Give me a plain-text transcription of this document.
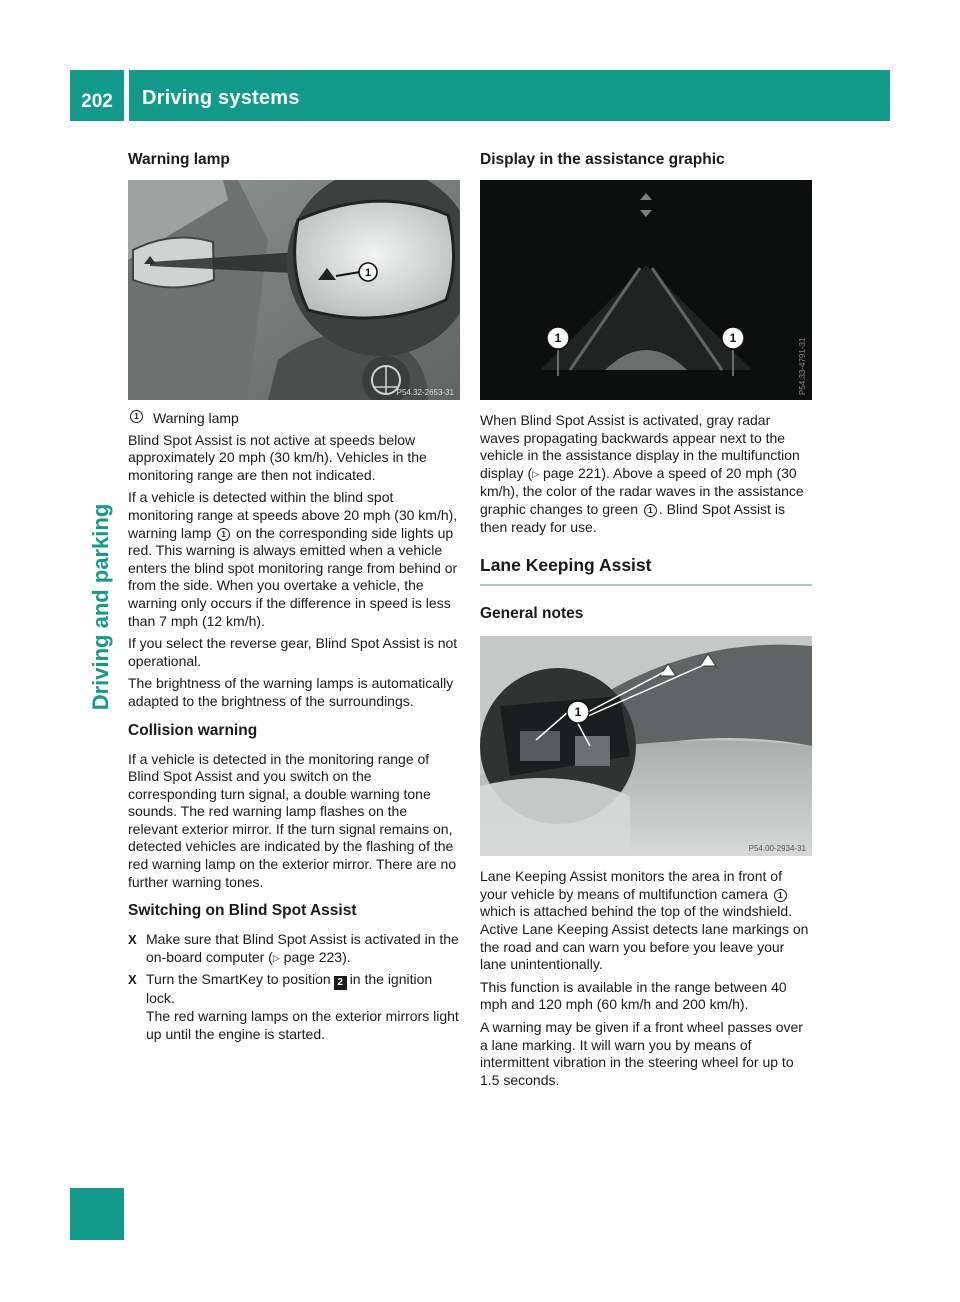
202	Driving systems
Driving and parking
Warning lamp
1
P54.32-2653-31
1 Warning lamp

Blind Spot Assist is not active at speeds below approximately 20 mph (30 km/h). Vehicles in the monitoring range are then not indicated.

If a vehicle is detected within the blind spot monitoring range at speeds above 20 mph (30 km/h), warning lamp 1 on the corresponding side lights up red. This warning is always emitted when a vehicle enters the blind spot monitoring range from behind or from the side. When you overtake a vehicle, the warning only occurs if the difference in speed is less than 7 mph (12 km/h).

If you select the reverse gear, Blind Spot Assist is not operational.

The brightness of the warning lamps is automatically adapted to the brightness of the surroundings.

Collision warning

If a vehicle is detected in the monitoring range of Blind Spot Assist and you switch on the corresponding turn signal, a double warning tone sounds. The red warning lamp flashes on the relevant exterior mirror. If the turn signal remains on, detected vehicles are indicated by the flashing of the red warning lamp on the exterior mirror. There are no further warning tones.

Switching on Blind Spot Assist
X Make sure that Blind Spot Assist is activated in the on-board computer (▷ page 223).
X Turn the SmartKey to position 2 in the ignition lock.
The red warning lamps on the exterior mirrors light up until the engine is started.
Display in the assistance graphic
1	1	P54.33-4791-31

When Blind Spot Assist is activated, gray radar waves propagating backwards appear next to the vehicle in the assistance display in the multifunction display (▷ page 221). Above a speed of 20 mph (30 km/h), the color of the radar waves in the assistance graphic changes to green 1 . Blind Spot Assist is then ready for use.

Lane Keeping Assist
General notes
1
P54.00-2934-31

Lane Keeping Assist monitors the area in front of your vehicle by means of multifunction camera 1 which is attached behind the top of the windshield. Active Lane Keeping Assist detects lane markings on the road and can warn you before you leave your lane unintentionally.

This function is available in the range between 40 mph and 120 mph (60 km/h and 200 km/h).

A warning may be given if a front wheel passes over a lane marking. It will warn you by means of intermittent vibration in the steering wheel for up to 1.5 seconds.
